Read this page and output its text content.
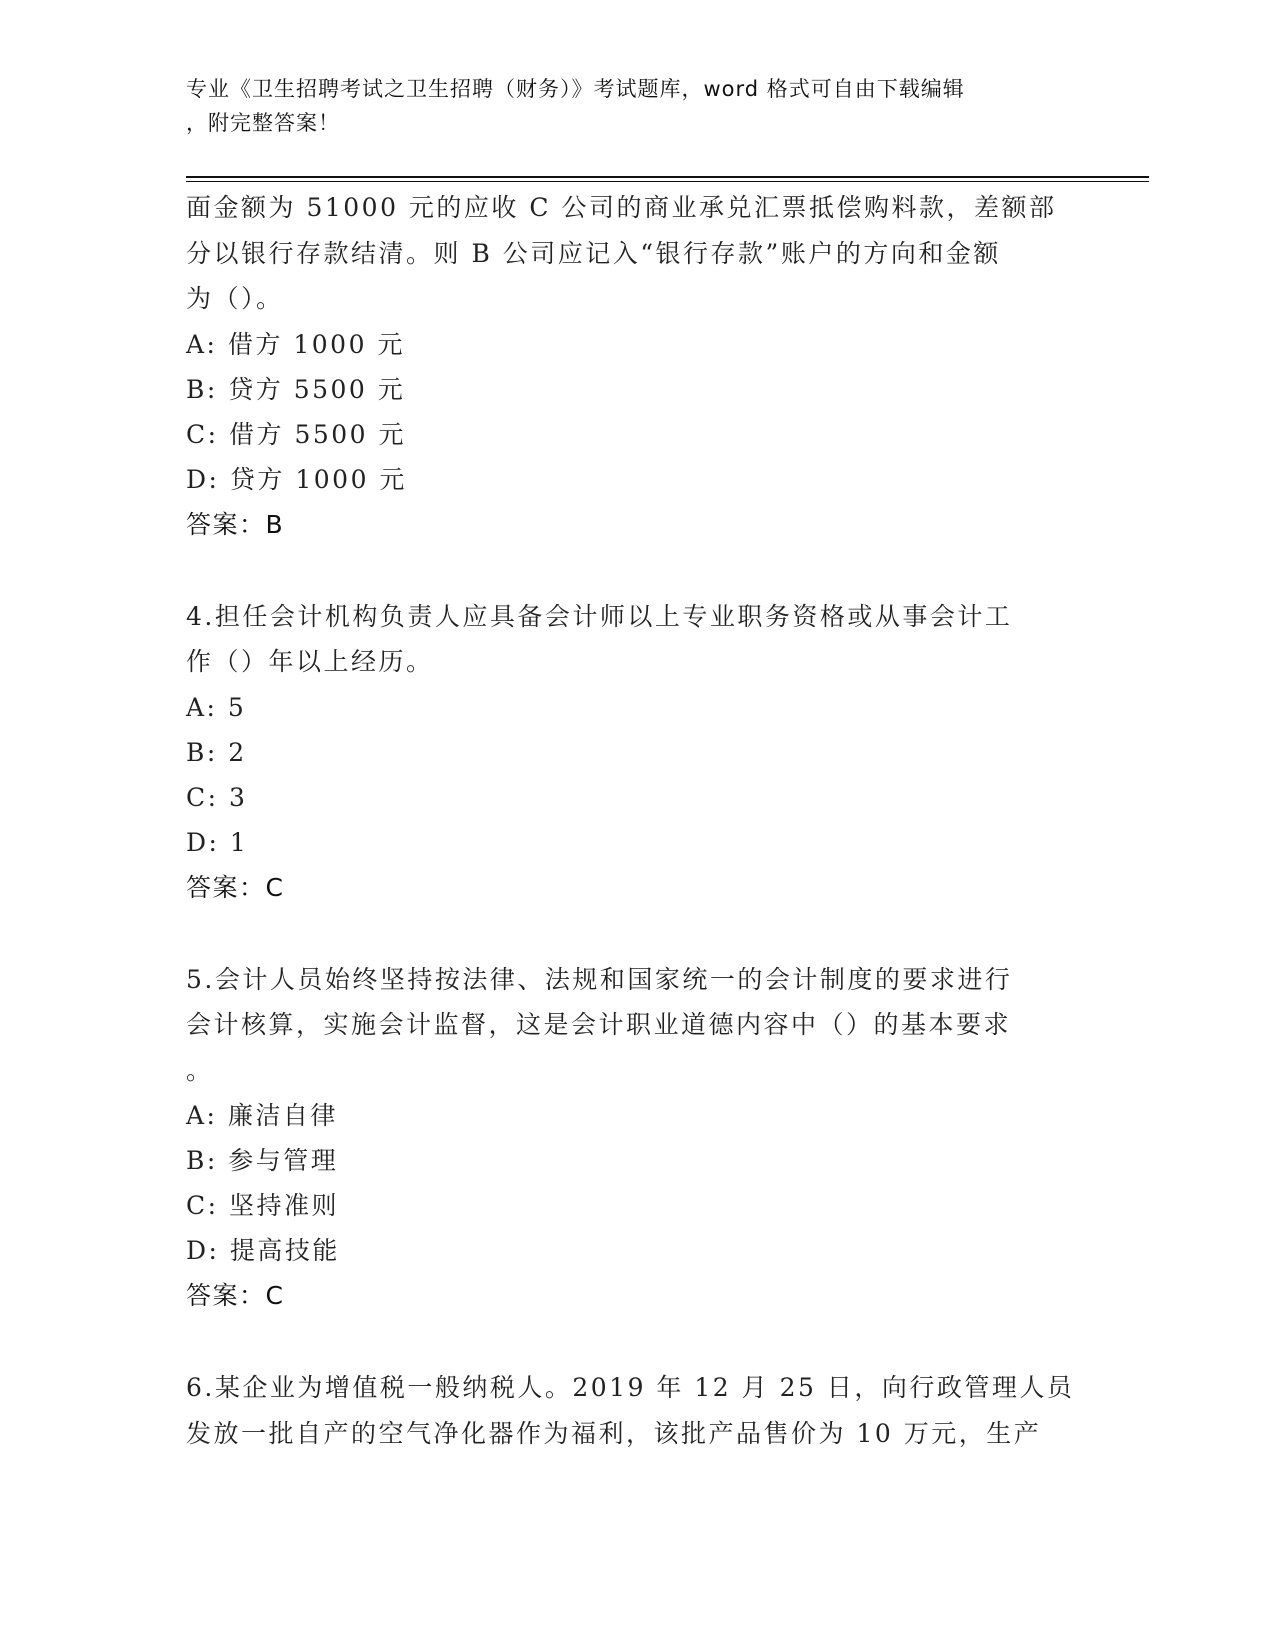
专业《卫生招聘考试之卫生招聘（财务）》考试题库，word 格式可自由下载编辑
，附完整答案！

面金额为 51000 元的应收 C 公司的商业承兑汇票抵偿购料款，差额部

分以银行存款结清。则 B 公司应记入“银行存款”账户的方向和金额

为（）。

A: 借方 1000 元

B: 贷方 5500 元

C: 借方 5500 元

D: 贷方 1000 元

答案：B

4.担任会计机构负责人应具备会计师以上专业职务资格或从事会计工

作（）年以上经历。

A: 5

B: 2

C: 3

D: 1

答案：C

5.会计人员始终坚持按法律、法规和国家统一的会计制度的要求进行

会计核算，实施会计监督，这是会计职业道德内容中（）的基本要求

。

A: 廉洁自律

B: 参与管理

C: 坚持准则

D: 提高技能

答案：C

6.某企业为增值税一般纳税人。2019 年 12 月 25 日，向行政管理人员

发放一批自产的空气净化器作为福利，该批产品售价为 10 万元，生产
